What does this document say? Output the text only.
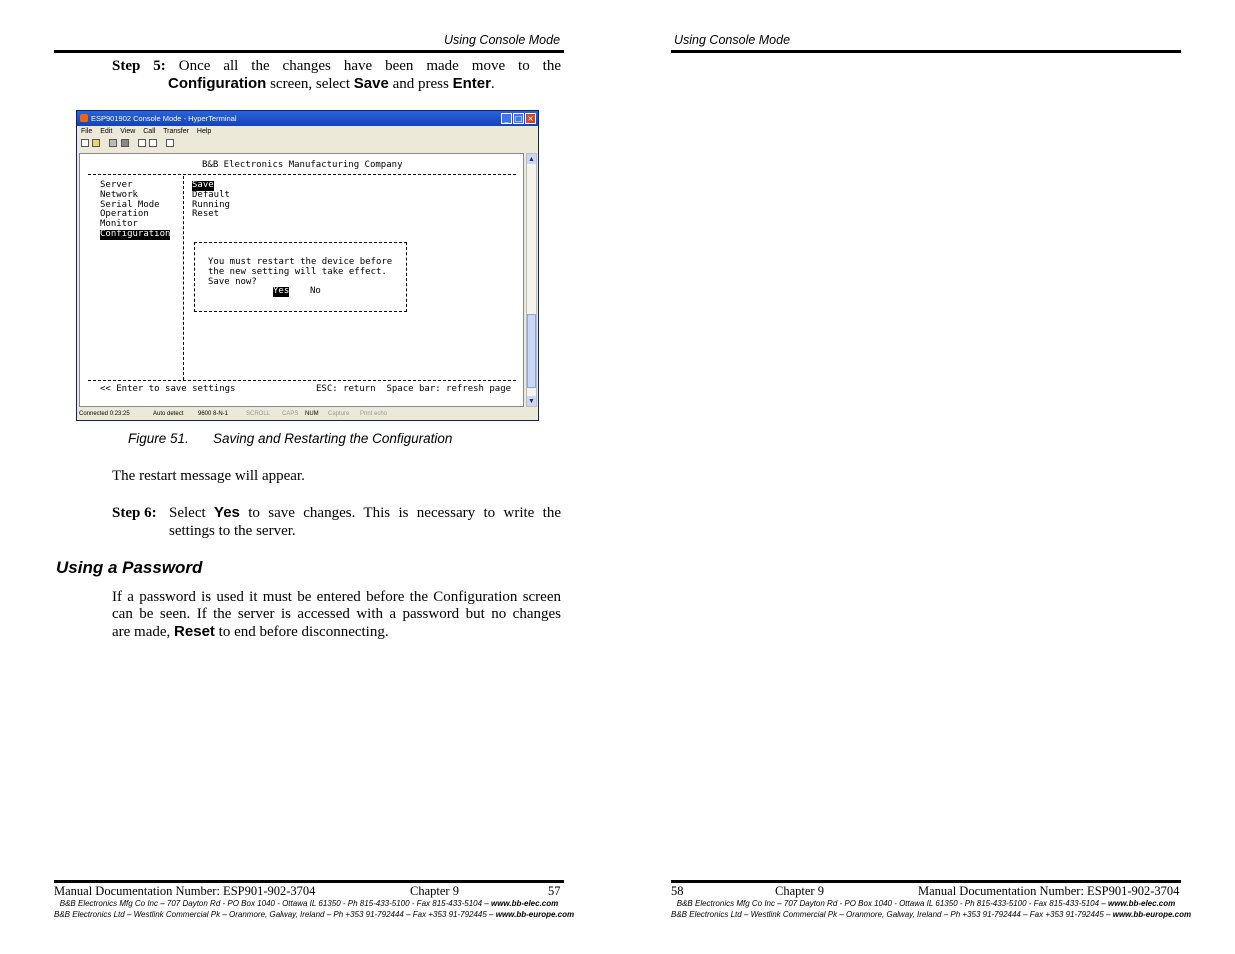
Using Console Mode
Step 5: Once all the changes have been made move to the
Configuration screen, select Save and press Enter.
ESP901902 Console Mode - HyperTerminal	_ □ ×
File Edit View Call Transfer Help
B&B Electronics Manufacturing Company
Server
Network
Serial Mode
Operation
Monitor
Configuration
Save
Default
Running
Reset
You must restart the device before
the new setting will take effect.
Save now?
Yes No
<< Enter to save settings	ESC: return  Space bar: refresh page
▲
▼
Connected 0:23:25	Auto detect 9600 8-N-1	SCROLL CAPS NUM Capture Print echo
Figure 51. Saving and Restarting the Configuration
The restart message will appear.
Step 6: Select Yes to save changes. This is necessary to write the
settings to the server.
Using a Password
If a password is used it must be entered before the Configuration screen
can be seen. If the server is accessed with a password but no changes
are made, Reset to end before disconnecting.
Manual Documentation Number: ESP901-902-3704	Chapter 9	57
B&B Electronics Mfg Co Inc – 707 Dayton Rd - PO Box 1040 - Ottawa IL 61350 - Ph 815-433-5100 - Fax 815-433-5104 – www.bb-elec.com
B&B Electronics Ltd – Westlink Commercial Pk – Oranmore, Galway, Ireland – Ph +353 91-792444 – Fax +353 91-792445 – www.bb-europe.com
Using Console Mode
58	Chapter 9	Manual Documentation Number: ESP901-902-3704
B&B Electronics Mfg Co Inc – 707 Dayton Rd - PO Box 1040 - Ottawa IL 61350 - Ph 815-433-5100 - Fax 815-433-5104 – www.bb-elec.com
B&B Electronics Ltd – Westlink Commercial Pk – Oranmore, Galway, Ireland – Ph +353 91-792444 – Fax +353 91-792445 – www.bb-europe.com
